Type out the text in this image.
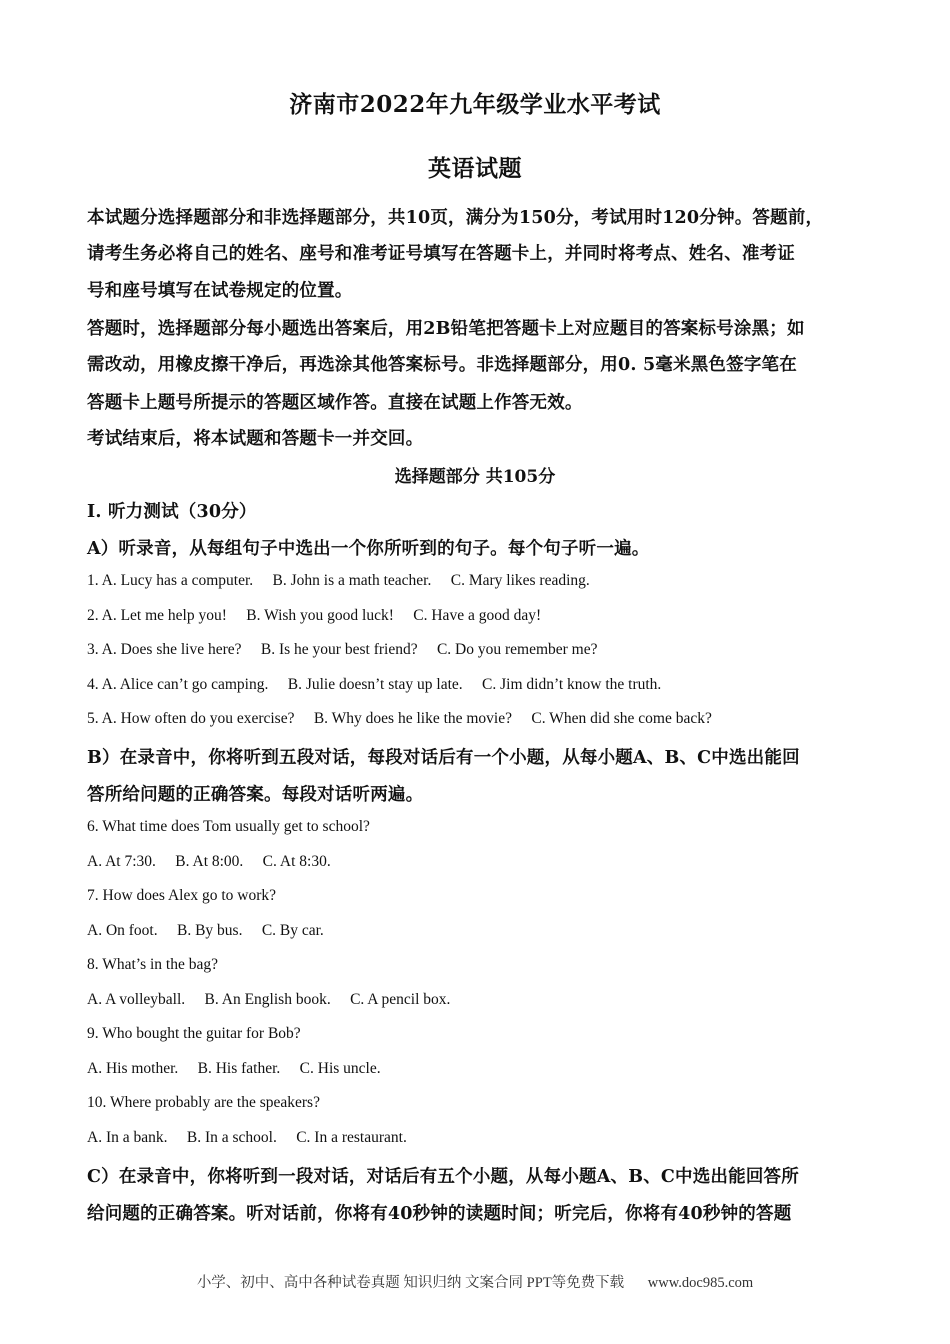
济南市2022年九年级学业水平考试
英语试题
本试题分选择题部分和非选择题部分，共10页，满分为150分，考试用时120分钟。答题前，
请考生务必将自己的姓名、座号和准考证号填写在答题卡上，并同时将考点、姓名、准考证
号和座号填写在试卷规定的位置。
答题时，选择题部分每小题选出答案后，用2B铅笔把答题卡上对应题目的答案标号涂黑；如
需改动，用橡皮擦干净后，再选涂其他答案标号。非选择题部分，用0. 5毫米黑色签字笔在
答题卡上题号所提示的答题区域作答。直接在试题上作答无效。
考试结束后，将本试题和答题卡一并交回。
选择题部分 共105分
Ⅰ. 听力测试（30分）
A）听录音，从每组句子中选出一个你所听到的句子。每个句子听一遍。
1. A. Lucy has a computer.     B. John is a math teacher.     C. Mary likes reading.
2. A. Let me help you!     B. Wish you good luck!     C. Have a good day!
3. A. Does she live here?     B. Is he your best friend?     C. Do you remember me?
4. A. Alice can’t go camping.     B. Julie doesn’t stay up late.     C. Jim didn’t know the truth.
5. A. How often do you exercise?     B. Why does he like the movie?     C. When did she come back?
B）在录音中，你将听到五段对话，每段对话后有一个小题，从每小题A、B、C中选出能回
答所给问题的正确答案。每段对话听两遍。
6. What time does Tom usually get to school?
A. At 7:30.     B. At 8:00.     C. At 8:30.
7. How does Alex go to work?
A. On foot.     B. By bus.     C. By car.
8. What’s in the bag?
A. A volleyball.     B. An English book.     C. A pencil box.
9. Who bought the guitar for Bob?
A. His mother.     B. His father.     C. His uncle.
10. Where probably are the speakers?
A. In a bank.     B. In a school.     C. In a restaurant.
C）在录音中，你将听到一段对话，对话后有五个小题，从每小题A、B、C中选出能回答所
给问题的正确答案。听对话前，你将有40秒钟的读题时间；听完后，你将有40秒钟的答题
小学、初中、高中各种试卷真题 知识归纳 文案合同 PPT等免费下载 www.doc985.com
